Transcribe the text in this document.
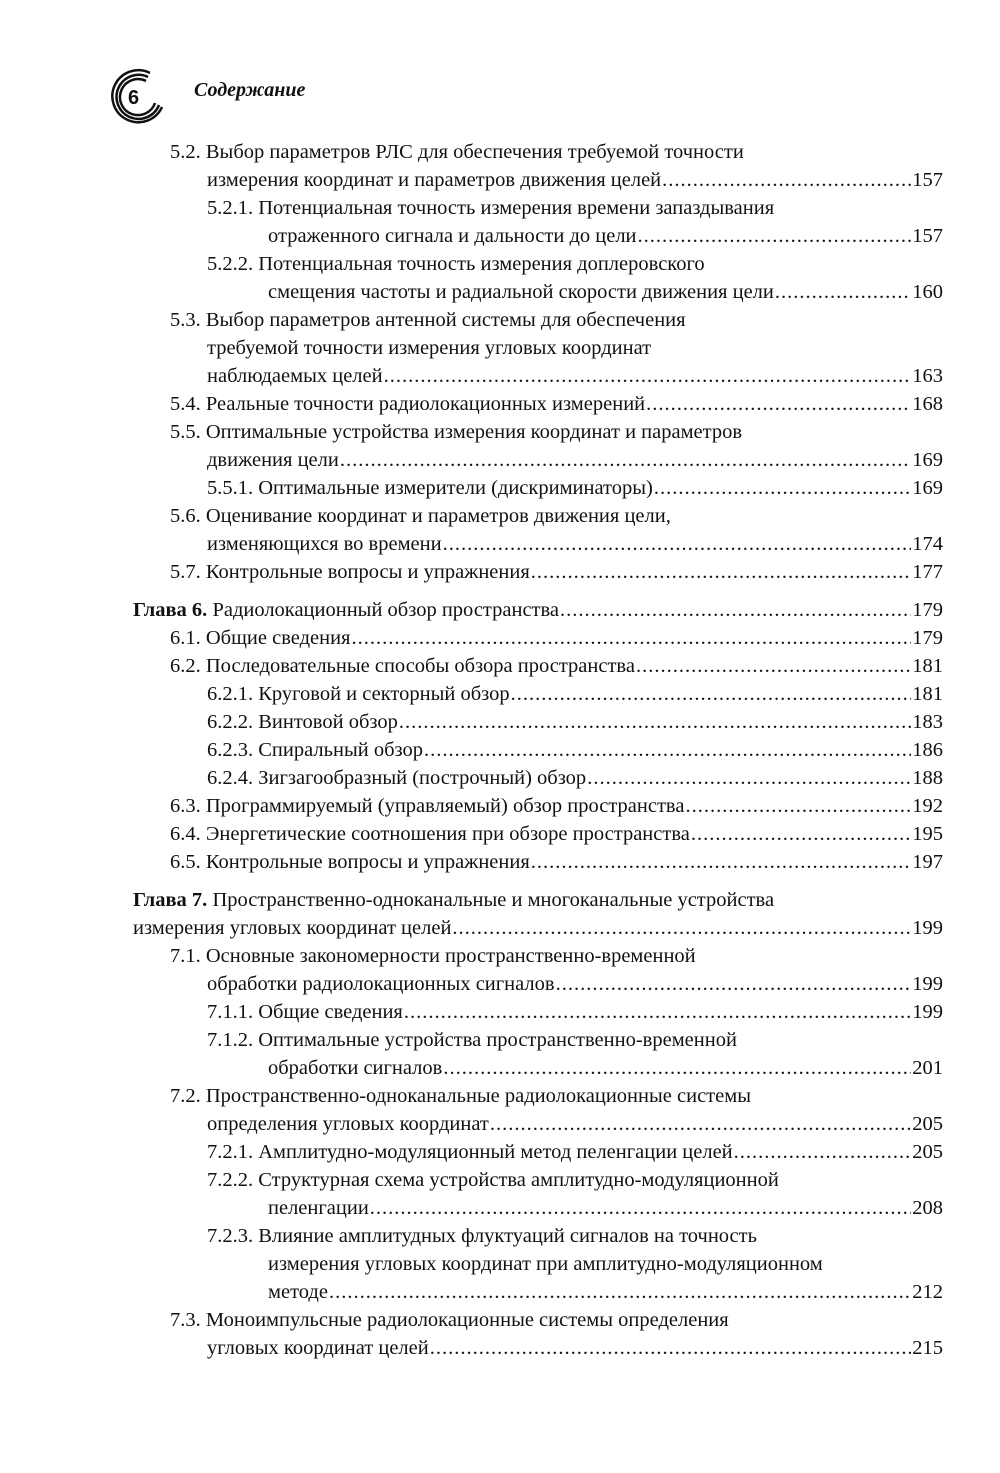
6	Содержание
5.2. Выбор параметров РЛС для обеспечения требуемой точности
измерения координат и параметров движения целей .....	157
5.2.1. Потенциальная точность измерения времени запаздывания
отраженного сигнала и дальности до цели .....	157
5.2.2. Потенциальная точность измерения доплеровского
смещения частоты и радиальной скорости движения цели .....	160
5.3. Выбор параметров антенной системы для обеспечения
требуемой точности измерения угловых координат
наблюдаемых целей .....	163
5.4. Реальные точности радиолокационных измерений .....	168
5.5. Оптимальные устройства измерения координат и параметров
движения цели .....	169
5.5.1. Оптимальные измерители (дискриминаторы) .....	169
5.6. Оценивание координат и параметров движения цели,
изменяющихся во времени .....	174
5.7. Контрольные вопросы и упражнения .....	177
Глава 6. Радиолокационный обзор пространства .....	179
6.1. Общие сведения .....	179
6.2. Последовательные способы обзора пространства .....	181
6.2.1. Круговой и секторный обзор .....	181
6.2.2. Винтовой обзор .....	183
6.2.3. Спиральный обзор .....	186
6.2.4. Зигзагообразный (построчный) обзор .....	188
6.3. Программируемый (управляемый) обзор пространства .....	192
6.4. Энергетические соотношения при обзоре пространства .....	195
6.5. Контрольные вопросы и упражнения .....	197
Глава 7. Пространственно-одноканальные и многоканальные устройства
измерения угловых координат целей .....	199
7.1. Основные закономерности пространственно-временной
обработки радиолокационных сигналов .....	199
7.1.1. Общие сведения .....	199
7.1.2. Оптимальные устройства пространственно-временной
обработки сигналов .....	201
7.2. Пространственно-одноканальные радиолокационные системы
определения угловых координат .....	205
7.2.1. Амплитудно-модуляционный метод пеленгации целей .....	205
7.2.2. Структурная схема устройства амплитудно-модуляционной
пеленгации .....	208
7.2.3. Влияние амплитудных флуктуаций сигналов на точность
измерения угловых координат при амплитудно-модуляционном
методе .....	212
7.3. Моноимпульсные радиолокационные системы определения
угловых координат целей .....	215
